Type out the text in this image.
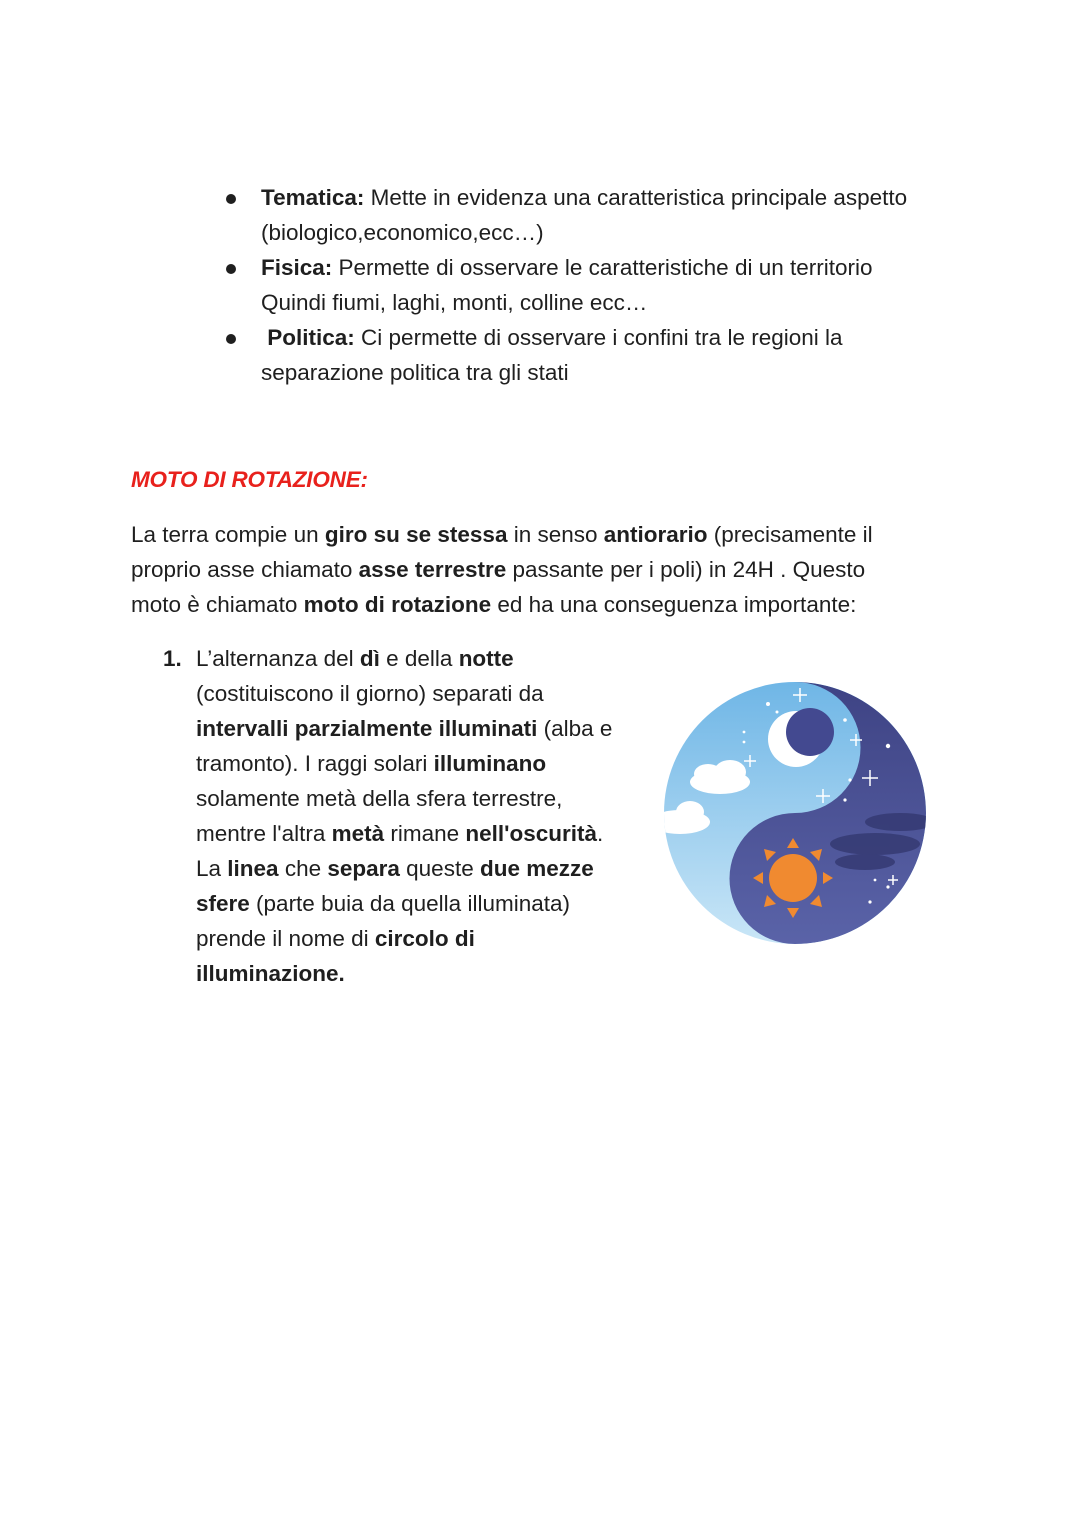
Tematica: Mette in evidenza una caratteristica principale aspetto
(biologico,economico,ecc…)
Fisica: Permette di osservare le caratteristiche di un territorio
Quindi fiumi, laghi, monti, colline ecc…
Politica: Ci permette di osservare i confini tra le regioni la
separazione politica tra gli stati
MOTO DI ROTAZIONE:
La terra compie un giro su se stessa in senso antiorario (precisamente il
proprio asse chiamato asse terrestre passante per i poli) in 24H . Questo
moto è chiamato moto di rotazione ed ha una conseguenza importante:
1. L’alternanza del dì e della notte
(costituiscono il giorno) separati da
intervalli parzialmente illuminati (alba e
tramonto). I raggi solari illuminano
solamente metà della sfera terrestre,
mentre l'altra metà rimane nell'oscurità.
La linea che separa queste due mezze
sfere (parte buia da quella illuminata)
prende il nome di circolo di
illuminazione.
